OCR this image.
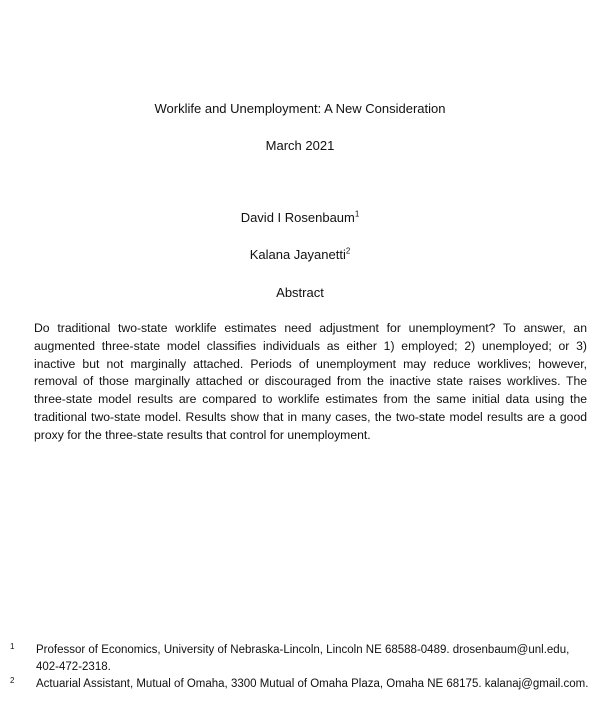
Worklife and Unemployment: A New Consideration
March 2021
David I Rosenbaum$^1$
Kalana Jayanetti$^2$
Abstract
Do traditional two-state worklife estimates need adjustment for unemployment? To answer, an augmented three-state model classifies individuals as either 1) employed; 2) unemployed; or 3) inactive but not marginally attached. Periods of unemployment may reduce worklives; however, removal of those marginally attached or discouraged from the inactive state raises worklives. The three-state model results are compared to worklife estimates from the same initial data using the traditional two-state model. Results show that in many cases, the two-state model results are a good proxy for the three-state results that control for unemployment.
1	Professor of Economics, University of Nebraska-Lincoln, Lincoln NE 68588-0489. drosenbaum@unl.edu, 402-472-2318.
2	Actuarial Assistant, Mutual of Omaha, 3300 Mutual of Omaha Plaza, Omaha NE 68175. kalanaj@gmail.com.
